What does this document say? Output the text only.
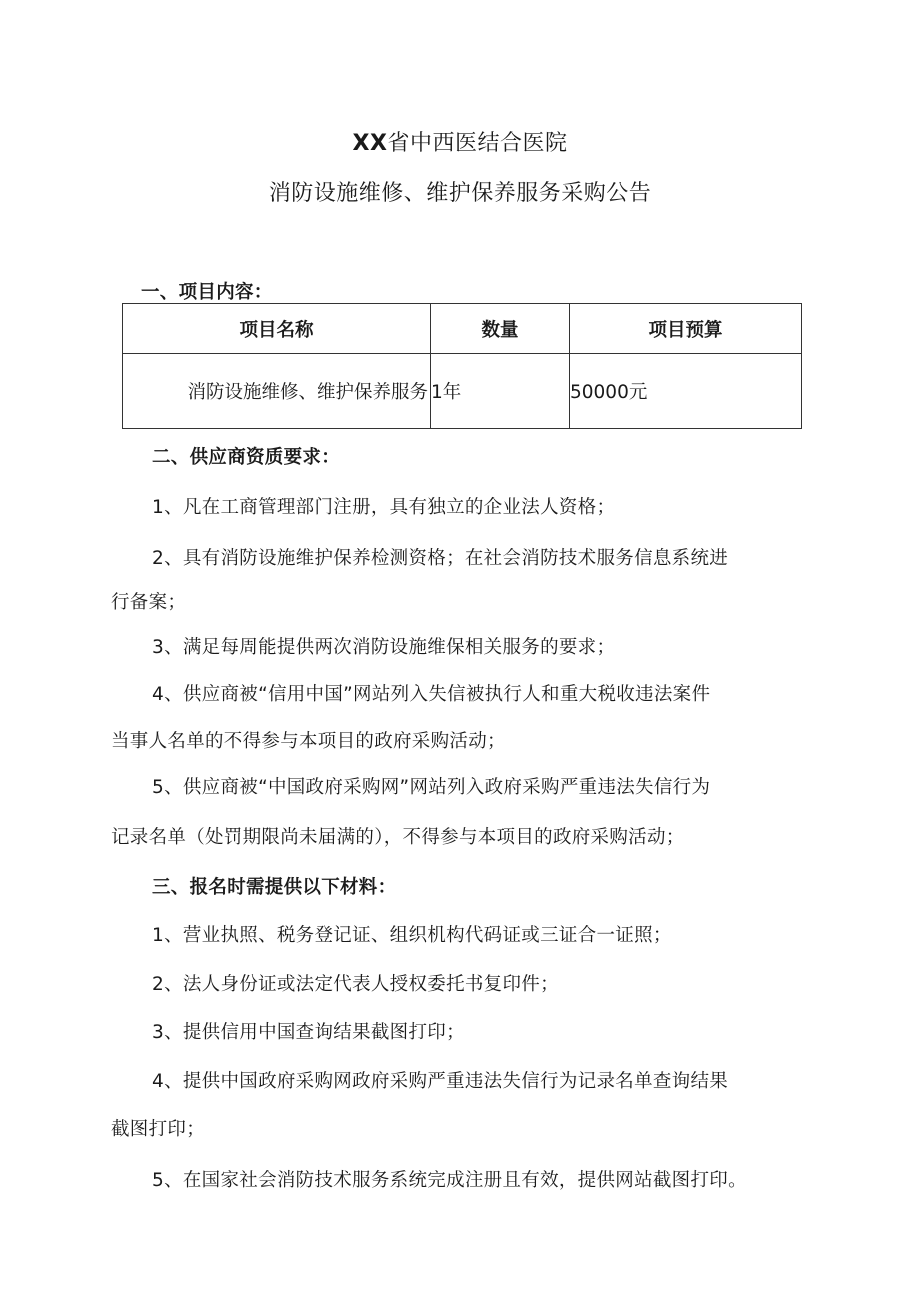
XX省中西医结合医院
消防设施维修、维护保养服务采购公告
一、项目内容：
项目名称	数量	项目预算
消防设施维修、维护保养服务	1年	50000元
二、供应商资质要求：
1、凡在工商管理部门注册，具有独立的企业法人资格；
2、具有消防设施维护保养检测资格；在社会消防技术服务信息系统进
行备案；
3、满足每周能提供两次消防设施维保相关服务的要求；
4、供应商被“信用中国”网站列入失信被执行人和重大税收违法案件
当事人名单的不得参与本项目的政府采购活动；
5、供应商被“中国政府采购网”网站列入政府采购严重违法失信行为
记录名单（处罚期限尚未届满的），不得参与本项目的政府采购活动；
三、报名时需提供以下材料：
1、营业执照、税务登记证、组织机构代码证或三证合一证照；
2、法人身份证或法定代表人授权委托书复印件；
3、提供信用中国查询结果截图打印；
4、提供中国政府采购网政府采购严重违法失信行为记录名单查询结果
截图打印；
5、在国家社会消防技术服务系统完成注册且有效，提供网站截图打印。
